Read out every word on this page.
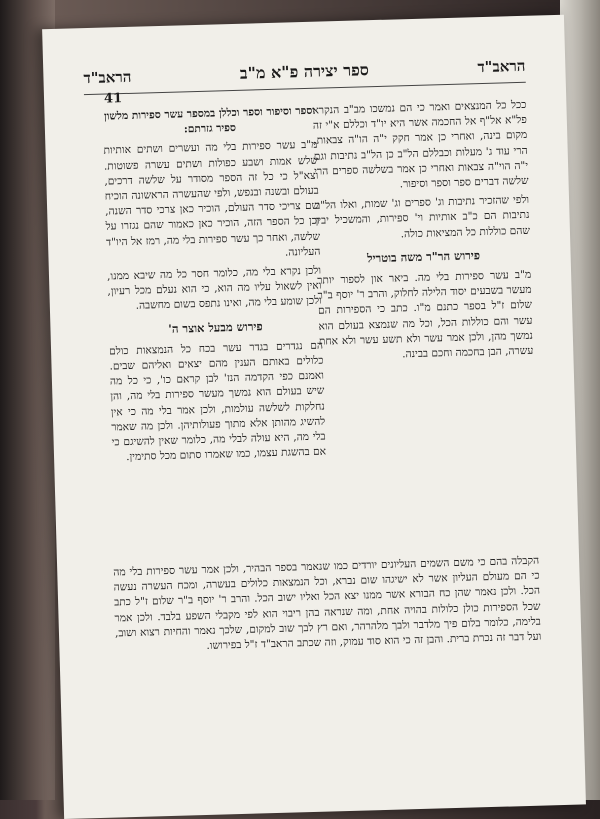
הראב"ד
ספר יצירה פ"א מ"ב
הראב"ד
41	ככל כל המנצאים ואמר כי הם נמשכו מב"ב הנקרא פל"א אל"ף אל החכמה אשר היא יו"ד וכללם א"י זה מקום בינה, ואחרי כן אמר חקק י"ה הו"ה צבאות, הרי עוד ג' מעלות וכבללם הל"ב כן הל"ב נתיבות וגם י"ה הוי"ה צבאות ואחרי כן אמר בשלשה ספרים הרי שלשה דברים ספר וספר וסיפור.

ולפי שהזכיר נתיבות וג' ספרים וג' שמות, ואלו הל"ב נתיבות הם כ"ב אותיות וי' ספירות, והמשכיל יבין שהם כוללות כל המציאות כולה.

פירוש הר"ר משה בוטריל

מ"ב עשר ספירות בלי מה. ביאר און לספור יותר מעשר בשבעים יסוד הלילה לחלוק, והרב ר' יוסף ב"ר שלום ז"ל בספר כתנם מ"ו. כתב כי הספירות הם עשר והם כוללות הכל, וכל מה שנמצא בעולם הוא נמשך מהן, ולכן אמר עשר ולא תשע עשר ולא אחת עשרה, הבן בחכמה וחכם בבינה.

וספר וסיפור וספר וכללן במספר עשר ספירות מלשון ספיר גזרתם:

מ"ב עשר ספירות בלי מה ועשרים ושתים אותיות שלש אמות ושבע כפולות ושתים עשרה פשוטות. וצא"ל כי כל זה הספר מסודר על שלשה דרכים, בעולם ובשנה ובנפש, ולפי שהעשרה הראשונה הוכיח שם צריכי סדר העולם, הוכיר כאן צרכי סדר השנה, וכן כל הספר הזה, הוכיר כאן כאמור שהם נגזרו על שלשה, ואחר כך עשר ספירות בלי מה, רמז אל היו"ד העליונה.

ולכן נקרא בלי מה, כלומר חסר כל מה שיבא ממנו, ואין לשאול עליו מה הוא, כי הוא נעלם מכל רעיון, ולכן שומע בלי מה, ואינו נתפס בשום מחשבה.

פירוש מבעל אוצר ה'

הם נגדרים בגדר עשר בכח כל הנמצאות כולם כלולים באותם הענין מהם יצאים ואליהם שבים. ואמנם כפי הקדמה הנז' לבן קראם כו', כי כל מה שיש בעולם הוא נמשך מעשר ספירות בלי מה, והן נחלקות לשלשה עולמות, ולכן אמר בלי מה כי אין להשיג מהותן אלא מתוך פעולותיהן. ולכן מה שאמר בלי מה, היא עולה לבלי מה, כלומר שאין להשיגם כי אם בהשגת עצמו, כמו שאמרו סתום מכל סתימין.

הקבלה בהם כי משם השמים העליונים יורדים כמו שנאמר בספר הבהיר, ולכן אמר עשר ספירות בלי מה כי הם מעולם העליון אשר לא ישיגהו שום נברא, וכל הנמצאות כלולים בעשרה, ומכח העשרה נעשה הכל. ולכן נאמר שהן כח הבורא אשר ממנו יצא הכל ואליו ישוב הכל. והרב ר' יוסף ב"ר שלום ז"ל כתב שכל הספירות כולן כלולות בהויה אחת, ומה שנראה בהן ריבוי הוא לפי מקבלי השפע בלבד. ולכן אמר בלימה, כלומר בלום פיך מלדבר ולבך מלהרהר, ואם רץ לבך שוב למקום, שלכך נאמר והחיות רצוא ושוב, ועל דבר זה נכרת ברית. והבן זה כי הוא סוד עמוק, וזה שכתב הראב"ד ז"ל בפירושו.
